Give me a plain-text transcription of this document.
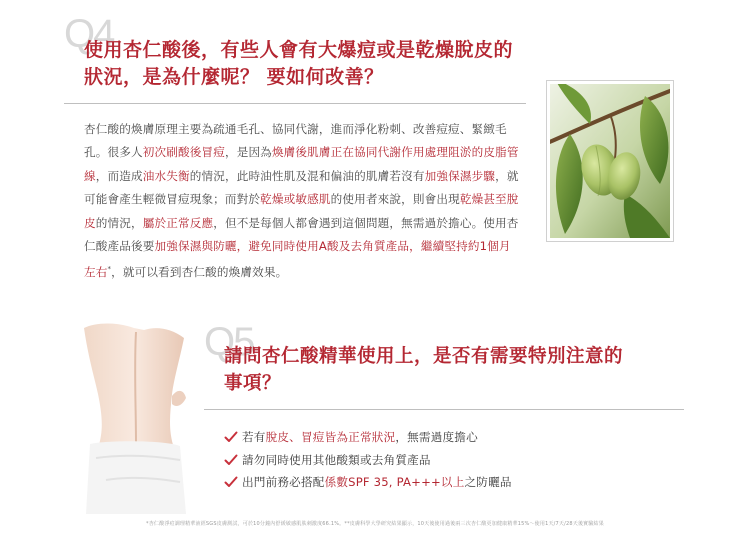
Q4
使用杏仁酸後，有些人會有大爆痘或是乾燥脫皮的
狀況，是為什麼呢？ 要如何改善？
杏仁酸的煥膚原理主要為疏通毛孔、協同代謝，進而淨化粉刺、改善痘痘、緊緻毛孔。很多人初次刷酸後冒痘，是因為煥膚後肌膚正在協同代謝作用處理阻淤的皮脂管線，而造成油水失衡的情況，此時油性肌及混和偏油的肌膚若沒有加強保濕步驟，就可能會產生輕微冒痘現象；而對於乾燥或敏感肌的使用者來說，則會出現乾燥甚至脫皮的情況，屬於正常反應，但不是每個人都會遇到這個問題，無需過於擔心。使用杏仁酸產品後要加強保濕與防曬，避免同時使用A酸及去角質產品，繼續堅持約1個月左右*，就可以看到杏仁酸的煥膚效果。
Q5
請問杏仁酸精華使用上，是否有需要特別注意的
事項？
若有脫皮、冒痘皆為正常狀況，無需過度擔心
請勿同時使用其他酸類或去角質產品
出門前務必搭配係數SPF 35, PA+++以上之防曬品
*杏仁酸淨痘調理精華液經SGS皮膚測試，可於10分鐘內舒緩敏感肌肤刺激度66.1%。**皮膚科學大學研究結果顯示，10天後使用過後兩三次杏仁酸更加健康精華15%～使用1天/7天/28天後實驗結果
